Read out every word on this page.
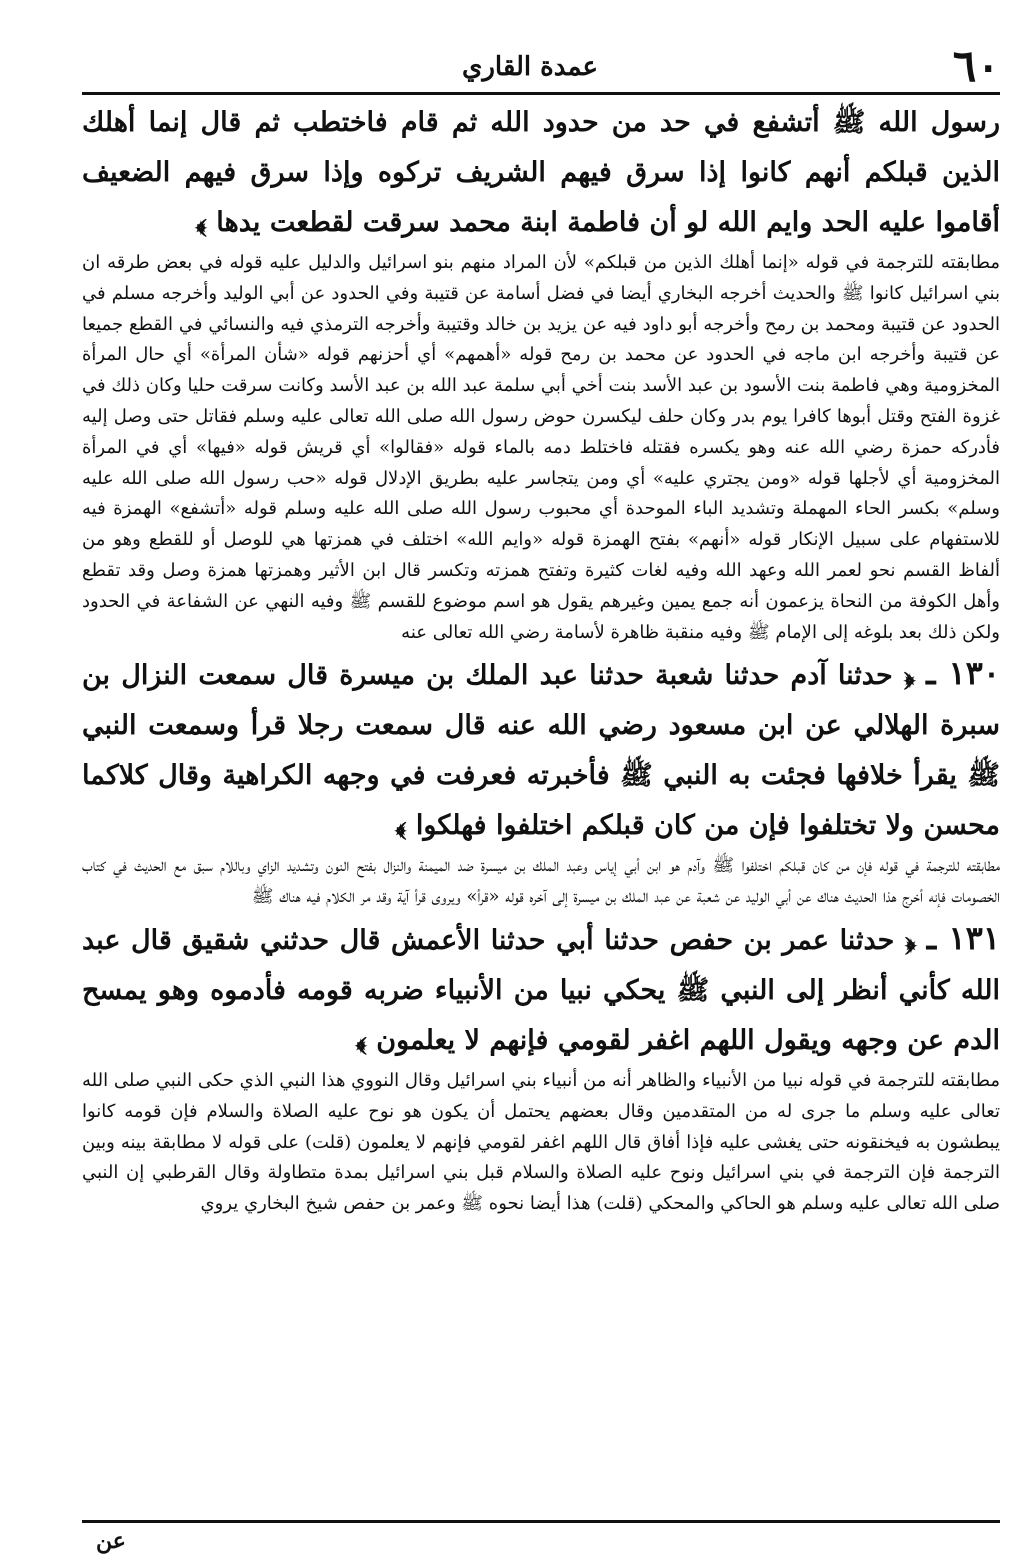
عمدة القاري	٦٠

رسول الله ﷺ أتشفع في حد من حدود الله ثم قام فاختطب ثم قال إنما أهلك الذين قبلكم أنهم كانوا إذا سرق فيهم الشريف تركوه وإذا سرق فيهم الضعيف أقاموا عليه الحد وايم الله لو أن فاطمة ابنة محمد سرقت لقطعت يدها ﴾

مطابقته للترجمة في قوله «إنما أهلك الذين من قبلكم» لأن المراد منهم بنو اسرائيل والدليل عليه قوله في بعض طرقه ان بني اسرائيل كانوا ﷺ والحديث أخرجه البخاري أيضا في فضل أسامة عن قتيبة وفي الحدود عن أبي الوليد وأخرجه مسلم في الحدود عن قتيبة ومحمد بن رمح وأخرجه أبو داود فيه عن يزيد بن خالد وقتيبة وأخرجه الترمذي فيه والنسائي في القطع جميعا عن قتيبة وأخرجه ابن ماجه في الحدود عن محمد بن رمح قوله «أهمهم» أي أحزنهم قوله «شأن المرأة» أي حال المرأة المخزومية وهي فاطمة بنت الأسود بن عبد الأسد بنت أخي أبي سلمة عبد الله بن عبد الأسد وكانت سرقت حليا وكان ذلك في غزوة الفتح وقتل أبوها كافرا يوم بدر وكان حلف ليكسرن حوض رسول الله صلى الله تعالى عليه وسلم فقاتل حتى وصل إليه فأدركه حمزة رضي الله عنه وهو يكسره فقتله فاختلط دمه بالماء قوله «فقالوا» أي قريش قوله «فيها» أي في المرأة المخزومية أي لأجلها قوله «ومن يجتري عليه» أي ومن يتجاسر عليه بطريق الإدلال قوله «حب رسول الله صلى الله عليه وسلم» بكسر الحاء المهملة وتشديد الباء الموحدة أي محبوب رسول الله صلى الله عليه وسلم قوله «أتشفع» الهمزة فيه للاستفهام على سبيل الإنكار قوله «أنهم» بفتح الهمزة قوله «وايم الله» اختلف في همزتها هي للوصل أو للقطع وهو من ألفاظ القسم نحو لعمر الله وعهد الله وفيه لغات كثيرة وتفتح همزته وتكسر قال ابن الأثير وهمزتها همزة وصل وقد تقطع وأهل الكوفة من النحاة يزعمون أنه جمع يمين وغيرهم يقول هو اسم موضوع للقسم ﷺ وفيه النهي عن الشفاعة في الحدود ولكن ذلك بعد بلوغه إلى الإمام ﷺ وفيه منقبة ظاهرة لأسامة رضي الله تعالى عنه

١٣٠ ـ ﴿ حدثنا آدم حدثنا شعبة حدثنا عبد الملك بن ميسرة قال سمعت النزال بن سبرة الهلالي عن ابن مسعود رضي الله عنه قال سمعت رجلا قرأ وسمعت النبي ﷺ يقرأ خلافها فجئت به النبي ﷺ فأخبرته فعرفت في وجهه الكراهية وقال كلاكما محسن ولا تختلفوا فإن من كان قبلكم اختلفوا فهلكوا ﴾

مطابقته للترجمة في قوله فإن من كان قبلكم اختلفوا ﷺ وآدم هو ابن أبي إياس وعبد الملك بن ميسرة ضد الميمنة والنزال بفتح النون وتشديد الزاي وباللام سبق مع الحديث في كتاب الخصومات فإنه أخرج هذا الحديث هناك عن أبي الوليد عن شعبة عن عبد الملك بن ميسرة إلى آخره قوله «قرأ» ويروى قرأ آية وقد مر الكلام فيه هناك ﷺ

١٣١ ـ ﴿ حدثنا عمر بن حفص حدثنا أبي حدثنا الأعمش قال حدثني شقيق قال عبد الله كأني أنظر إلى النبي ﷺ يحكي نبيا من الأنبياء ضربه قومه فأدموه وهو يمسح الدم عن وجهه ويقول اللهم اغفر لقومي فإنهم لا يعلمون ﴾

مطابقته للترجمة في قوله نبيا من الأنبياء والظاهر أنه من أنبياء بني اسرائيل وقال النووي هذا النبي الذي حكى النبي صلى الله تعالى عليه وسلم ما جرى له من المتقدمين وقال بعضهم يحتمل أن يكون هو نوح عليه الصلاة والسلام فإن قومه كانوا يبطشون به فيخنقونه حتى يغشى عليه فإذا أفاق قال اللهم اغفر لقومي فإنهم لا يعلمون (قلت) على قوله لا مطابقة بينه وبين الترجمة فإن الترجمة في بني اسرائيل ونوح عليه الصلاة والسلام قبل بني اسرائيل بمدة متطاولة وقال القرطبي إن النبي صلى الله تعالى عليه وسلم هو الحاكي والمحكي (قلت) هذا أيضا نحوه ﷺ وعمر بن حفص شيخ البخاري يروي

عن
